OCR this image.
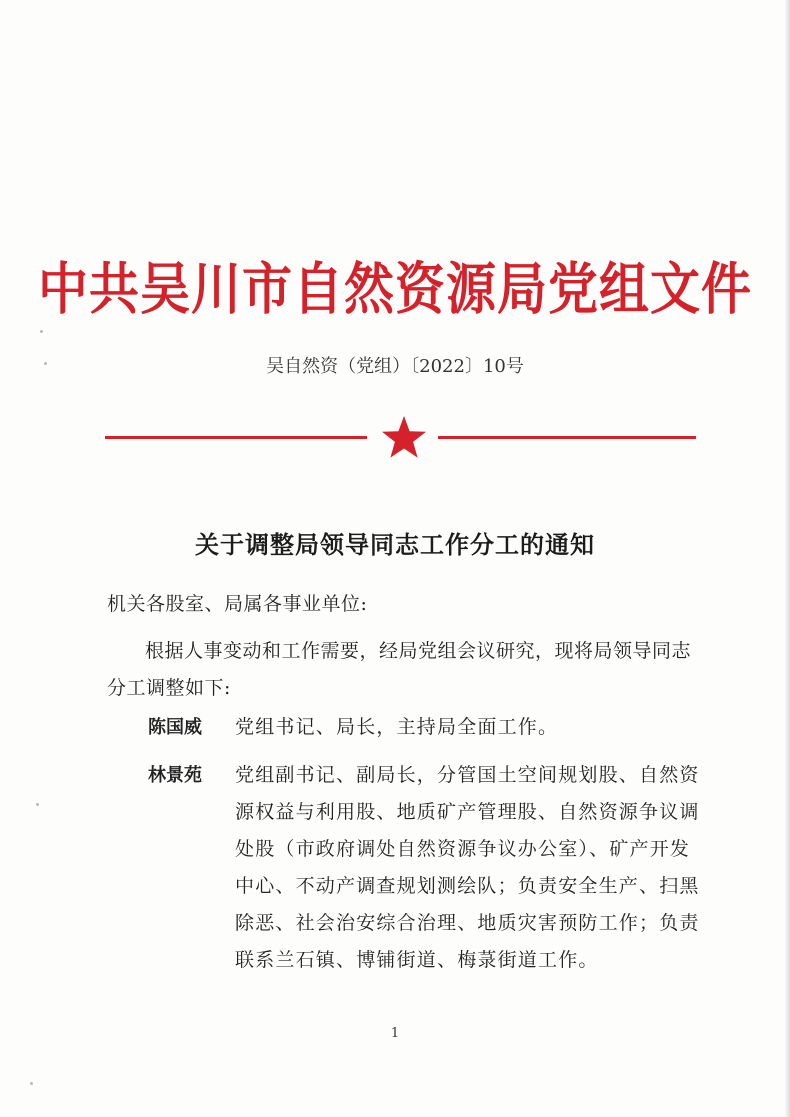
中共吴川市自然资源局党组文件
吴自然资（党组）〔2022〕10号
关于调整局领导同志工作分工的通知
机关各股室、局属各事业单位:

根据人事变动和工作需要，经局党组会议研究，现将局领导同志分工调整如下:

陈国威 党组书记、局长，主持局全面工作。
林景苑 党组副书记、副局长，分管国土空间规划股、自然资源权益与利用股、地质矿产管理股、自然资源争议调处股（市政府调处自然资源争议办公室）、矿产开发中心、不动产调查规划测绘队；负责安全生产、扫黑除恶、社会治安综合治理、地质灾害预防工作；负责联系兰石镇、博铺街道、梅菉街道工作。
1
